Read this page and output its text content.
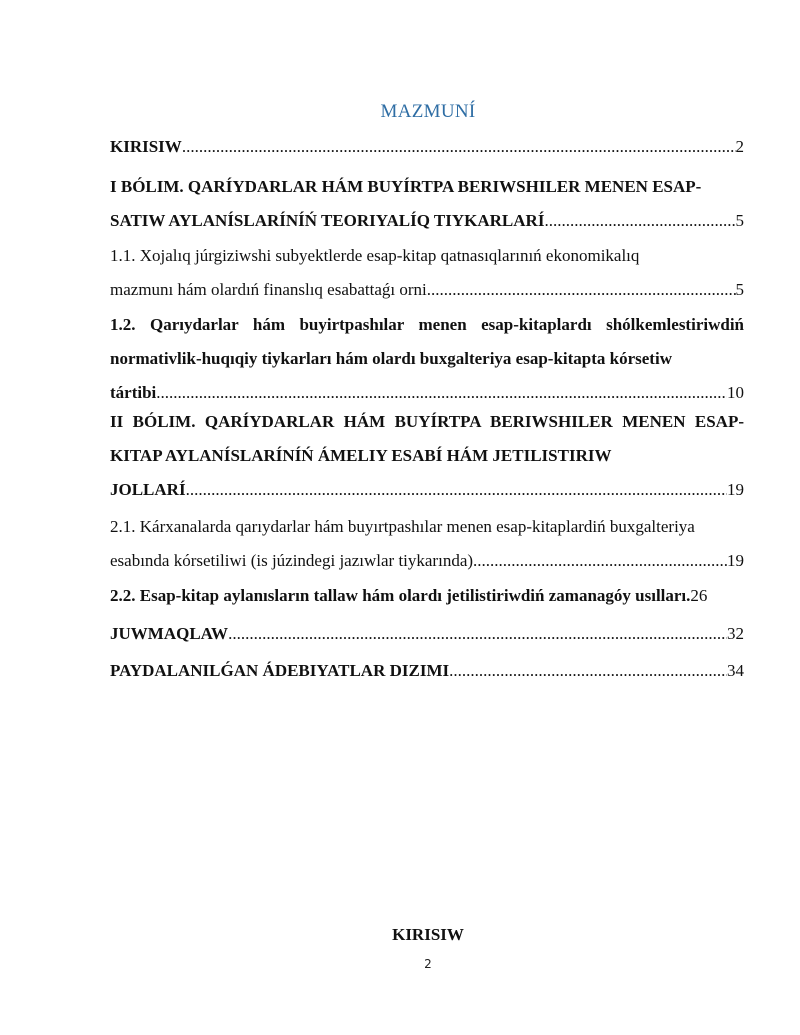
MAZMUNÍ
KIRISIW .....	2
I BÓLIM. QARÍYDARLAR HÁM BUYÍRTPA BERIWSHILER MENEN ESAP-
SATIW AYLANÍSLARÍNÍŃ TEORIYALÍQ TIYKARLARÍ .....	5
1.1. Xojalıq júrgiziwshi subyektlerde esap-kitap qatnasıqlarınıń ekonomikalıq
mazmunı hám olardıń finanslıq esabattaǵı orni .....	5
1.2. Qarıydarlar hám buyirtpashılar menen esap-kitaplardı shólkemlestiriwdiń normativlik-huqıqiy tiykarları hám olardı buxgalteriya esap-kitapta kórsetiw
tártibi .....	10
II BÓLIM. QARÍYDARLAR HÁM BUYÍRTPA BERIWSHILER MENEN ESAP-KITAP AYLANÍSLARÍNÍŃ ÁMELIY ESABÍ HÁM JETILISTIRIW
JOLLARÍ .....	19
2.1. Kárxanalarda qarıydarlar hám buyırtpashılar menen esap-kitaplardiń buxgalteriya
esabında kórsetiliwi (is júzindegi jazıwlar tiykarında) .....	19
2.2. Esap-kitap aylanısların tallaw hám olardı jetilistiriwdiń zamanagóy usılları. 26
JUWMAQLAW .....	32
PAYDALANILǴAN ÁDEBIYATLAR DIZIMI .....	34
KIRISIW
2
